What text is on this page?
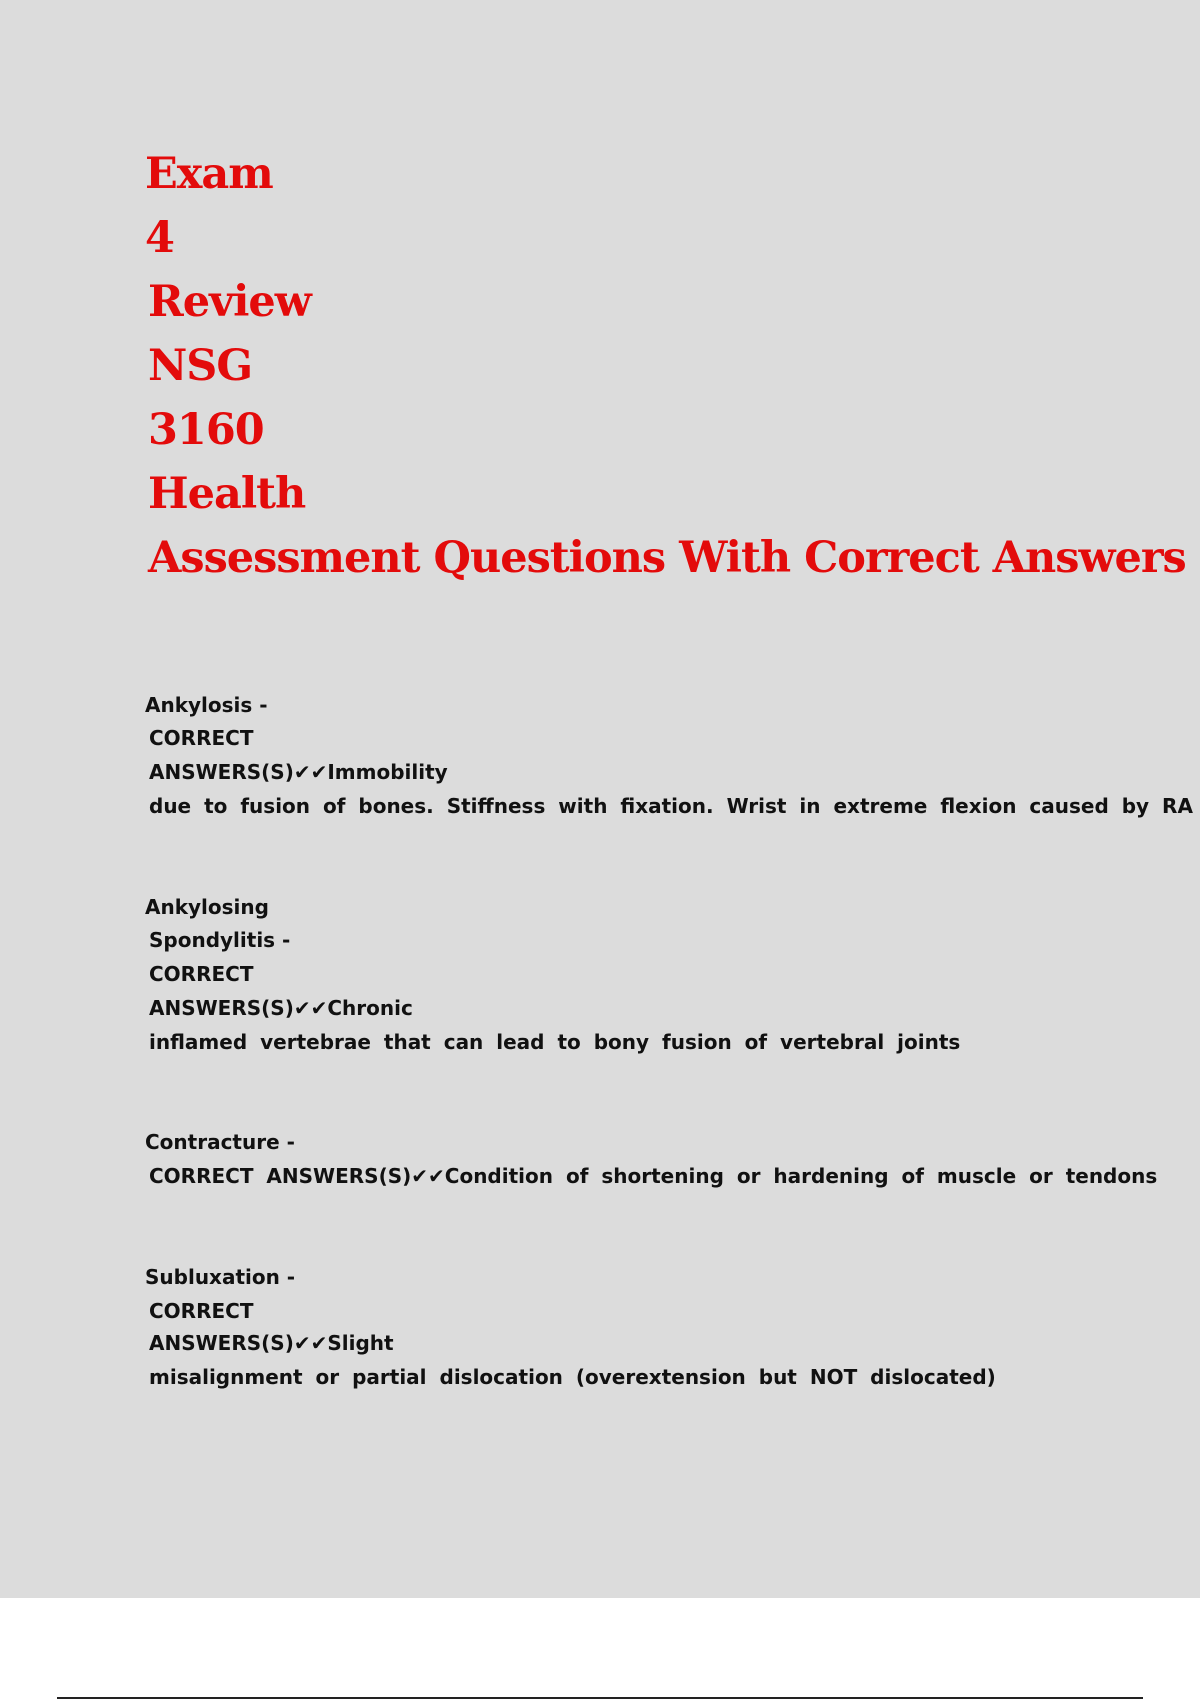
Exam
4
Review
NSG
3160
Health
Assessment Questions With Correct Answers
Ankylosis -
CORRECT
ANSWERS(S)✔✔Immobility
due to fusion of bones. Stiffness with fixation. Wrist in extreme flexion caused by RA
Ankylosing
Spondylitis -
CORRECT
ANSWERS(S)✔✔Chronic
inflamed vertebrae that can lead to bony fusion of vertebral joints
Contracture -
CORRECT ANSWERS(S)✔✔Condition of shortening or hardening of muscle or tendons
Subluxation -
CORRECT
ANSWERS(S)✔✔Slight
misalignment or partial dislocation (overextension but NOT dislocated)
